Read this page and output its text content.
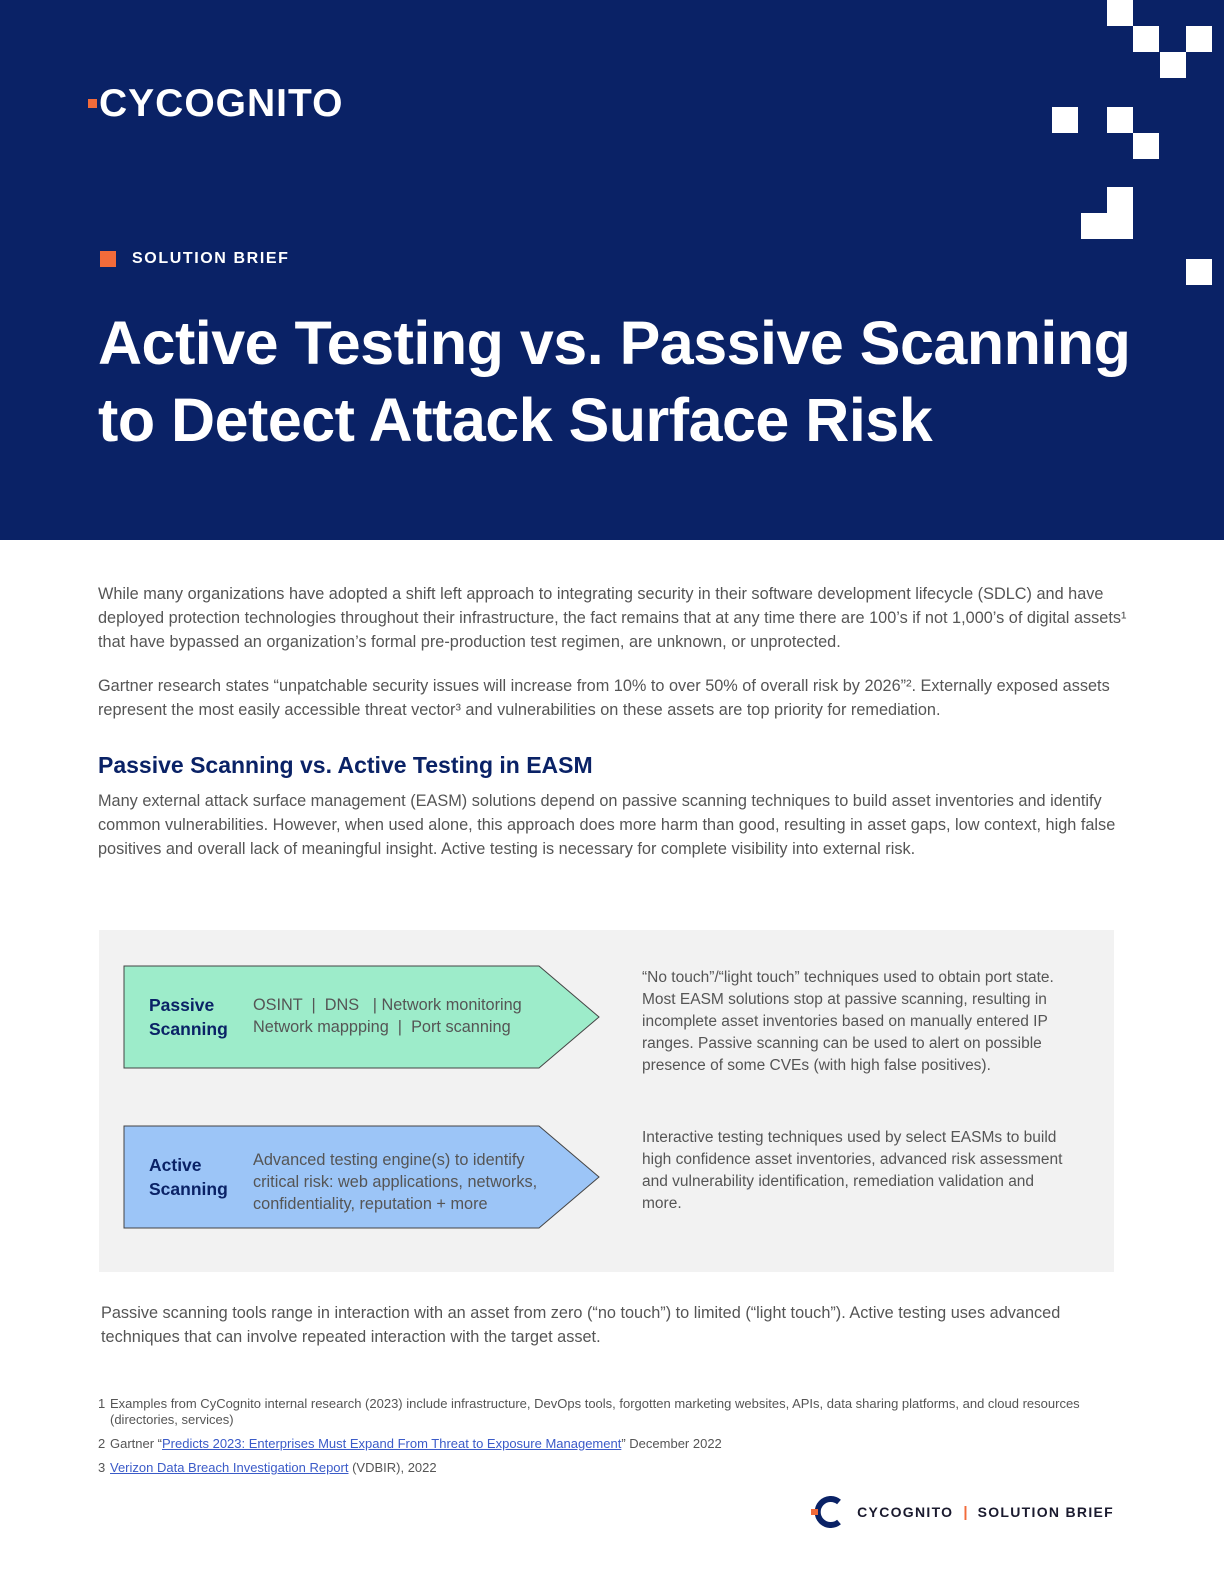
CYCOGNITO
SOLUTION BRIEF
Active Testing vs. Passive Scanning
to Detect Attack Surface Risk

While many organizations have adopted a shift left approach to integrating security in their software development lifecycle (SDLC) and have deployed protection technologies throughout their infrastructure, the fact remains that at any time there are 100’s if not 1,000’s of digital assets¹ that have bypassed an organization’s formal pre-production test regimen, are unknown, or unprotected.

Gartner research states “unpatchable security issues will increase from 10% to over 50% of overall risk by 2026”². Externally exposed assets represent the most easily accessible threat vector³ and vulnerabilities on these assets are top priority for remediation.

Passive Scanning vs. Active Testing in EASM

Many external attack surface management (EASM) solutions depend on passive scanning techniques to build asset inventories and identify common vulnerabilities. However, when used alone, this approach does more harm than good, resulting in asset gaps, low context, high false positives and overall lack of meaningful insight. Active testing is necessary for complete visibility into external risk.

Passive
Scanning
OSINT  |  DNS   | Network monitoring
Network mappping  |  Port scanning
“No touch”/“light touch” techniques used to obtain port state. Most EASM solutions stop at passive scanning, resulting in incomplete asset inventories based on manually entered IP ranges. Passive scanning can be used to alert on possible presence of some CVEs (with high false positives).
Active
Scanning
Advanced testing engine(s) to identify
critical risk: web applications, networks,
confidentiality, reputation + more
Interactive testing techniques used by select EASMs to build high confidence asset inventories, advanced risk assessment and vulnerability identification, remediation validation and more.

Passive scanning tools range in interaction with an asset from zero (“no touch”) to limited (“light touch”). Active testing uses advanced techniques that can involve repeated interaction with the target asset.

1 Examples from CyCognito internal research (2023) include infrastructure, DevOps tools, forgotten marketing websites, APIs, data sharing platforms, and cloud resources (directories, services)
2 Gartner “Predicts 2023: Enterprises Must Expand From Threat to Exposure Management” December 2022
3 Verizon Data Breach Investigation Report (VDBIR), 2022
CYCOGNITO | SOLUTION BRIEF
